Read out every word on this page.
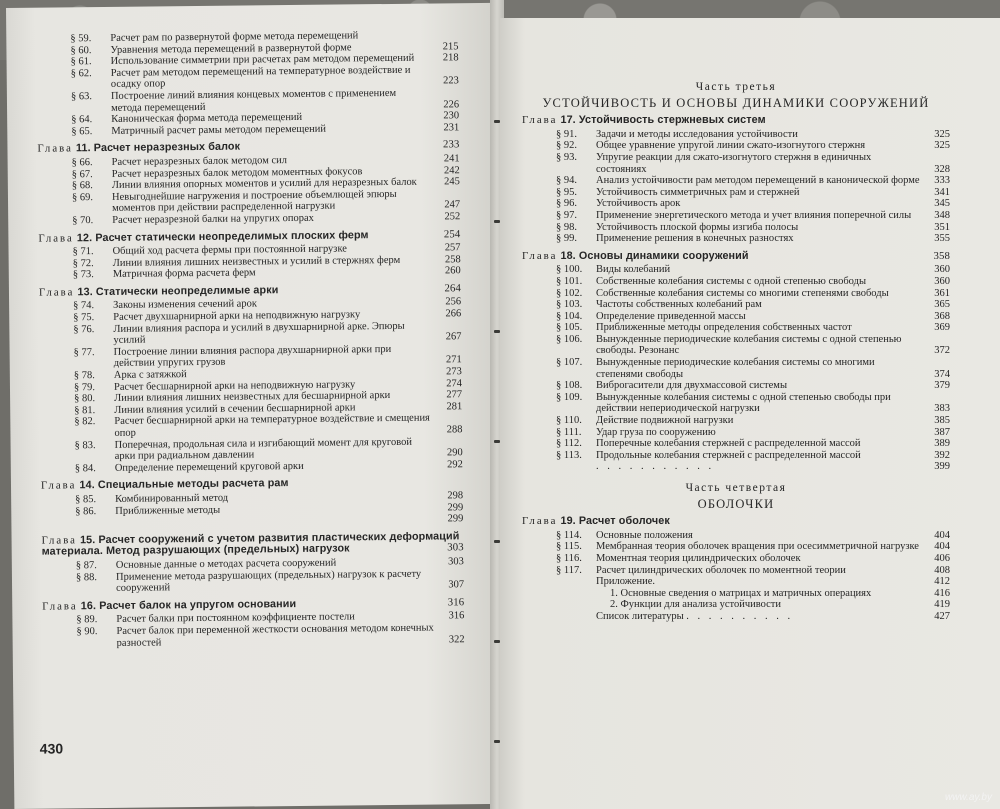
§ 59.	Расчет рам по развернутой форме метода перемещений
§ 60.	Уравнения метода перемещений в развернутой форме	215
§ 61.	Использование симметрии при расчетах рам методом перемещений	218
§ 62.	Расчет рам методом перемещений на температурное воздействие и осадку опор	223
§ 63.	Построение линий влияния концевых моментов с применением метода перемещений	226
§ 64.	Каноническая форма метода перемещений	230
§ 65.	Матричный расчет рамы методом перемещений	231
Глава 11. Расчет неразрезных балок	233
§ 66.	Расчет неразрезных балок методом сил	241
§ 67.	Расчет неразрезных балок методом моментных фокусов	242
§ 68.	Линии влияния опорных моментов и усилий для неразрезных балок	245
§ 69.	Невыгоднейшие нагружения и построение объемлющей эпюры моментов при действии распределенной нагрузки	247
§ 70.	Расчет неразрезной балки на упругих опорах	252
Глава 12. Расчет статически неопределимых плоских ферм	254
§ 71.	Общий ход расчета фермы при постоянной нагрузке	257
§ 72.	Линии влияния лишних неизвестных и усилий в стержнях ферм	258
§ 73.	Матричная форма расчета ферм	260
Глава 13. Статически неопределимые арки	264
§ 74.	Законы изменения сечений арок	256
§ 75.	Расчет двухшарнирной арки на неподвижную нагрузку	266
§ 76.	Линии влияния распора и усилий в двухшарнирной арке. Эпюры усилий	267
§ 77.	Построение линии влияния распора двухшарнирной арки при действии упругих грузов	271
§ 78.	Арка с затяжкой	273
§ 79.	Расчет бесшарнирной арки на неподвижную нагрузку	274
§ 80.	Линии влияния лишних неизвестных для бесшарнирной арки	277
§ 81.	Линии влияния усилий в сечении бесшарнирной арки	281
§ 82.	Расчет бесшарнирной арки на температурное воздействие и смещения опор	288
§ 83.	Поперечная, продольная сила и изгибающий момент для круговой арки при радиальном давлении	290
§ 84.	Определение перемещений круговой арки	292
Глава 14. Специальные методы расчета рам
§ 85.	Комбинированный метод	298
§ 86.	Приближенные методы	299
299
Глава 15. Расчет сооружений с учетом развития пластических деформаций материала. Метод разрушающих (предельных) нагрузок	303
§ 87.	Основные данные о методах расчета сооружений	303
§ 88.	Применение метода разрушающих (предельных) нагрузок к расчету сооружений	307
Глава 16. Расчет балок на упругом основании	316
§ 89.	Расчет балки при постоянном коэффициенте постели	316
§ 90.	Расчет балок при переменной жесткости основания методом конечных разностей	322
430
Часть третья
УСТОЙЧИВОСТЬ И ОСНОВЫ ДИНАМИКИ СООРУЖЕНИЙ
Глава 17. Устойчивость стержневых систем
§ 91.	Задачи и методы исследования устойчивости	325
§ 92.	Общее уравнение упругой линии сжато-изогнутого стержня	325
§ 93.	Упругие реакции для сжато-изогнутого стержня в единичных состояниях	328
§ 94.	Анализ устойчивости рам методом перемещений в канонической форме	333
§ 95.	Устойчивость симметричных рам и стержней	341
§ 96.	Устойчивость арок	345
§ 97.	Применение энергетического метода и учет влияния поперечной силы	348
§ 98.	Устойчивость плоской формы изгиба полосы	351
§ 99.	Применение решения в конечных разностях	355
Глава 18. Основы динамики сооружений	358
§ 100.	Виды колебаний	360
§ 101.	Собственные колебания системы с одной степенью свободы	360
§ 102.	Собственные колебания системы со многими степенями свободы	361
§ 103.	Частоты собственных колебаний рам	365
§ 104.	Определение приведенной массы	368
§ 105.	Приближенные методы определения собственных частот	369
§ 106.	Вынужденные периодические колебания системы с одной степенью свободы. Резонанс	372
§ 107.	Вынужденные периодические колебания системы со многими степенями свободы	374
§ 108.	Виброгасители для двухмассовой системы	379
§ 109.	Вынужденные колебания системы с одной степенью свободы при действии непериодической нагрузки	383
§ 110.	Действие подвижной нагрузки	385
§ 111.	Удар груза по сооружению	387
§ 112.	Поперечные колебания стержней с распределенной массой	389
§ 113.	Продольные колебания стержней с распределенной массой	392
. . . . . . . . . . .	399
Часть четвертая
ОБОЛОЧКИ
Глава 19. Расчет оболочек
§ 114.	Основные положения	404
§ 115.	Мембранная теория оболочек вращения при осесимметричной нагрузке	404
§ 116.	Моментная теория цилиндрических оболочек	406
§ 117.	Расчет цилиндрических оболочек по моментной теории	408
Приложение.	412
1. Основные сведения о матрицах и матричных операциях	416
2. Функции для анализа устойчивости	419
Список литературы . . . . . . . . . .	427
www.ay.by
